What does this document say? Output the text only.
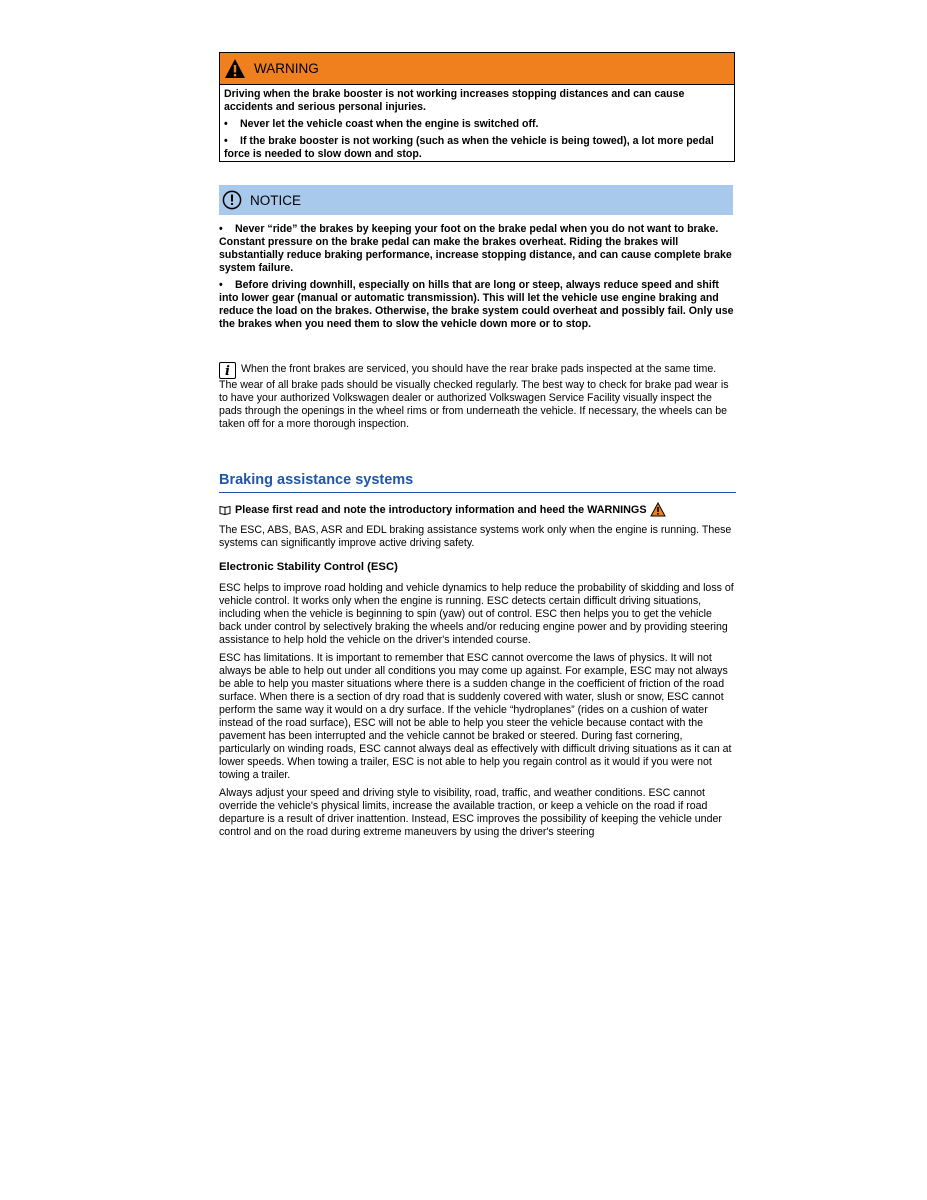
WARNING

Driving when the brake booster is not working increases stopping distances and can cause accidents and serious personal injuries.

• Never let the vehicle coast when the engine is switched off.

• If the brake booster is not working (such as when the vehicle is being towed), a lot more pedal force is needed to slow down and stop.

NOTICE

• Never “ride” the brakes by keeping your foot on the brake pedal when you do not want to brake. Constant pressure on the brake pedal can make the brakes overheat. Riding the brakes will substantially reduce braking performance, increase stopping distance, and can cause complete brake system failure.

• Before driving downhill, especially on hills that are long or steep, always reduce speed and shift into lower gear (manual or automatic transmission). This will let the vehicle use engine braking and reduce the load on the brakes. Otherwise, the brake system could overheat and possibly fail. Only use the brakes when you need them to slow the vehicle down more or to stop.

i When the front brakes are serviced, you should have the rear brake pads inspected at the same time. The wear of all brake pads should be visually checked regularly. The best way to check for brake pad wear is to have your authorized Volkswagen dealer or authorized Volkswagen Service Facility visually inspect the pads through the openings in the wheel rims or from underneath the vehicle. If necessary, the wheels can be taken off for a more thorough inspection.
Braking assistance systems
Please first read and note the introductory information and heed the WARNINGS

The ESC, ABS, BAS, ASR and EDL braking assistance systems work only when the engine is running. These systems can significantly improve active driving safety.

Electronic Stability Control (ESC)

ESC helps to improve road holding and vehicle dynamics to help reduce the probability of skidding and loss of vehicle control. It works only when the engine is running. ESC detects certain difficult driving situations, including when the vehicle is beginning to spin (yaw) out of control. ESC then helps you to get the vehicle back under control by selectively braking the wheels and/or reducing engine power and by providing steering assistance to help hold the vehicle on the driver's intended course.

ESC has limitations. It is important to remember that ESC cannot overcome the laws of physics. It will not always be able to help out under all conditions you may come up against. For example, ESC may not always be able to help you master situations where there is a sudden change in the coefficient of friction of the road surface. When there is a section of dry road that is suddenly covered with water, slush or snow, ESC cannot perform the same way it would on a dry surface. If the vehicle “hydroplanes” (rides on a cushion of water instead of the road surface), ESC will not be able to help you steer the vehicle because contact with the pavement has been interrupted and the vehicle cannot be braked or steered. During fast cornering, particularly on winding roads, ESC cannot always deal as effectively with difficult driving situations as it can at lower speeds. When towing a trailer, ESC is not able to help you regain control as it would if you were not towing a trailer.

Always adjust your speed and driving style to visibility, road, traffic, and weather conditions. ESC cannot override the vehicle's physical limits, increase the available traction, or keep a vehicle on the road if road departure is a result of driver inattention. Instead, ESC improves the possibility of keeping the vehicle under control and on the road during extreme maneuvers by using the driver's steering
